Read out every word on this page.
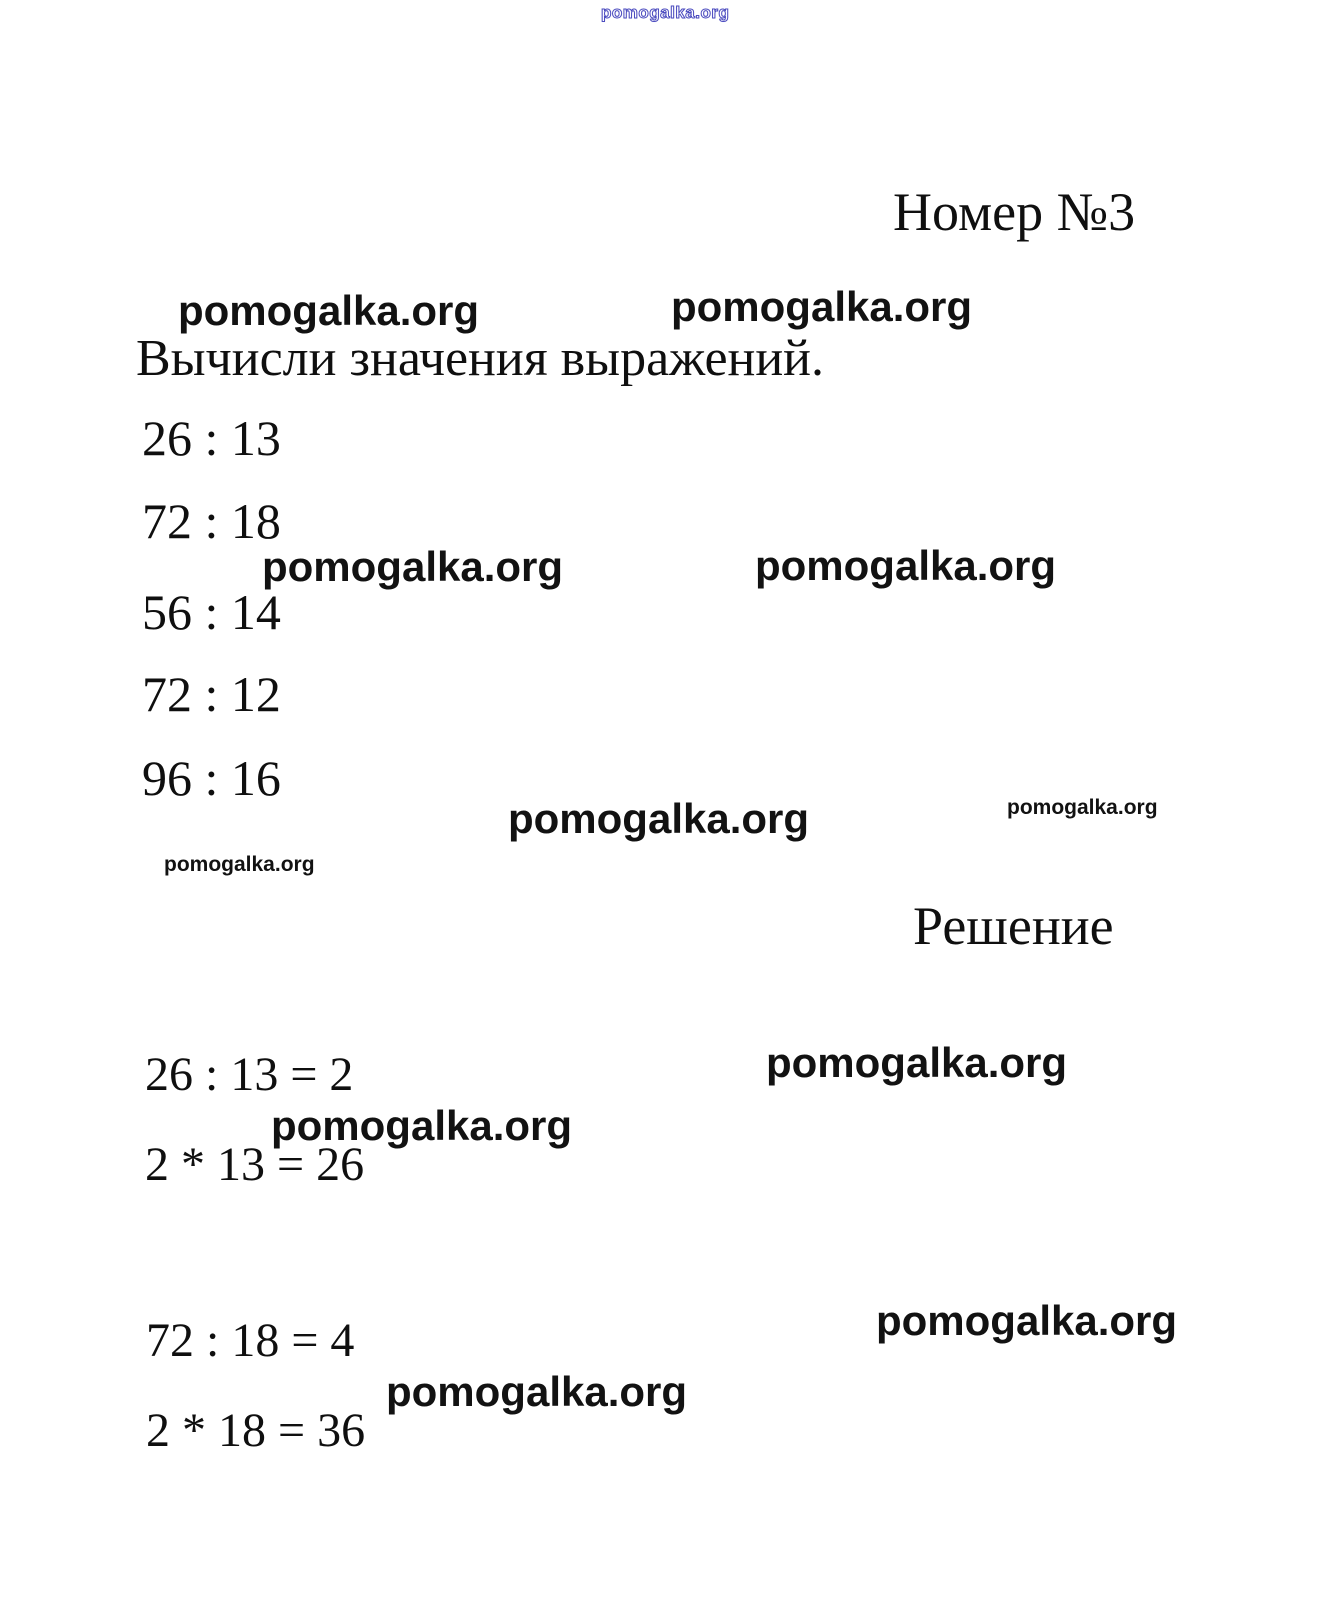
pomogalka.org
Номер №3
pomogalka.org	pomogalka.org
Вычисли значения выражений.
26 : 13
72 : 18
56 : 14
72 : 12
96 : 16
pomogalka.org	pomogalka.org
pomogalka.org	pomogalka.org
pomogalka.org
Решение
26 : 13 = 2	pomogalka.org
pomogalka.org
2 * 13 = 26
72 : 18 = 4	pomogalka.org
pomogalka.org
2 * 18 = 36
